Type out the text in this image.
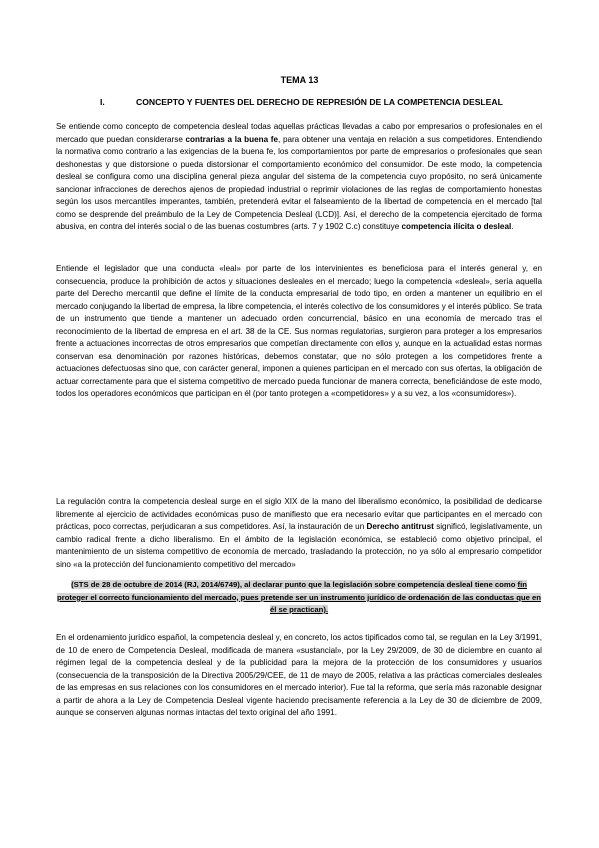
TEMA 13
I.	CONCEPTO Y FUENTES DEL DERECHO DE REPRESIÓN DE LA COMPETENCIA DESLEAL
Se entiende como concepto de competencia desleal todas aquellas prácticas llevadas a cabo por empresarios o profesionales en el mercado que puedan considerarse contrarias a la buena fe, para obtener una ventaja en relación a sus competidores. Entendiendo la normativa como contrario a las exigencias de la buena fe, los comportamientos por parte de empresarios o profesionales que sean deshonestas y que distorsione o pueda distorsionar el comportamiento económico del consumidor. De este modo, la competencia desleal se configura como una disciplina general pieza angular del sistema de la competencia cuyo propósito, no será únicamente sancionar infracciones de derechos ajenos de propiedad industrial o reprimir violaciones de las reglas de comportamiento honestas según los usos mercantiles imperantes, también, pretenderá evitar el falseamiento de la libertad de competencia en el mercado [tal como se desprende del preámbulo de la Ley de Competencia Desleal (LCD)]. Así, el derecho de la competencia ejercitado de forma abusiva, en contra del interés social o de las buenas costumbres (arts. 7 y 1902 C.c) constituye competencia ilícita o desleal.
Entiende el legislador que una conducta «leal» por parte de los intervinientes es beneficiosa para el interés general y, en consecuencia, produce la prohibición de actos y situaciones desleales en el mercado; luego la competencia «desleal», sería aquella parte del Derecho mercantil que define el límite de la conducta empresarial de todo tipo, en orden a mantener un equilibrio en el mercado conjugando la libertad de empresa, la libre competencia, el interés colectivo de los consumidores y el interés público. Se trata de un instrumento que tiende a mantener un adecuado orden concurrencial, básico en una economía de mercado tras el reconocimiento de la libertad de empresa en el art. 38 de la CE. Sus normas regulatorias, surgieron para proteger a los empresarios frente a actuaciones incorrectas de otros empresarios que competían directamente con ellos y, aunque en la actualidad estas normas conservan esa denominación por razones históricas, debemos constatar, que no sólo protegen a los competidores frente a actuaciones defectuosas sino que, con carácter general, imponen a quienes participan en el mercado con sus ofertas, la obligación de actuar correctamente para que el sistema competitivo de mercado pueda funcionar de manera correcta, beneficiándose de este modo, todos los operadores económicos que participan en él (por tanto protegen a «competidores» y a su vez, a los «consumidores»).
La regulación contra la competencia desleal surge en el siglo XIX de la mano del liberalismo económico, la posibilidad de dedicarse libremente al ejercicio de actividades económicas puso de manifiesto que era necesario evitar que participantes en el mercado con prácticas, poco correctas, perjudicaran a sus competidores. Así, la instauración de un Derecho antitrust significó, legislativamente, un cambio radical frente a dicho liberalismo. En el ámbito de la legislación económica, se estableció como objetivo principal, el mantenimiento de un sistema competitivo de economía de mercado, trasladando la protección, no ya sólo al empresario competidor sino «a la protección del funcionamiento competitivo del mercado»
(STS de 28 de octubre de 2014 (RJ, 2014/6749), al declarar punto que la legislación sobre competencia desleal tiene como fin proteger el correcto funcionamiento del mercado, pues pretende ser un instrumento jurídico de ordenación de las conductas que en él se practican).
En el ordenamiento jurídico español, la competencia desleal y, en concreto, los actos tipificados como tal, se regulan en la Ley 3/1991, de 10 de enero de Competencia Desleal, modificada de manera «sustancial», por la Ley 29/2009, de 30 de diciembre en cuanto al régimen legal de la competencia desleal y de la publicidad para la mejora de la protección de los consumidores y usuarios (consecuencia de la transposición de la Directiva 2005/29/CEE, de 11 de mayo de 2005, relativa a las prácticas comerciales desleales de las empresas en sus relaciones con los consumidores en el mercado interior). Fue tal la reforma, que sería más razonable designar a partir de ahora a la Ley de Competencia Desleal vigente haciendo precisamente referencia a la Ley de 30 de diciembre de 2009, aunque se conserven algunas normas intactas del texto original del año 1991.
